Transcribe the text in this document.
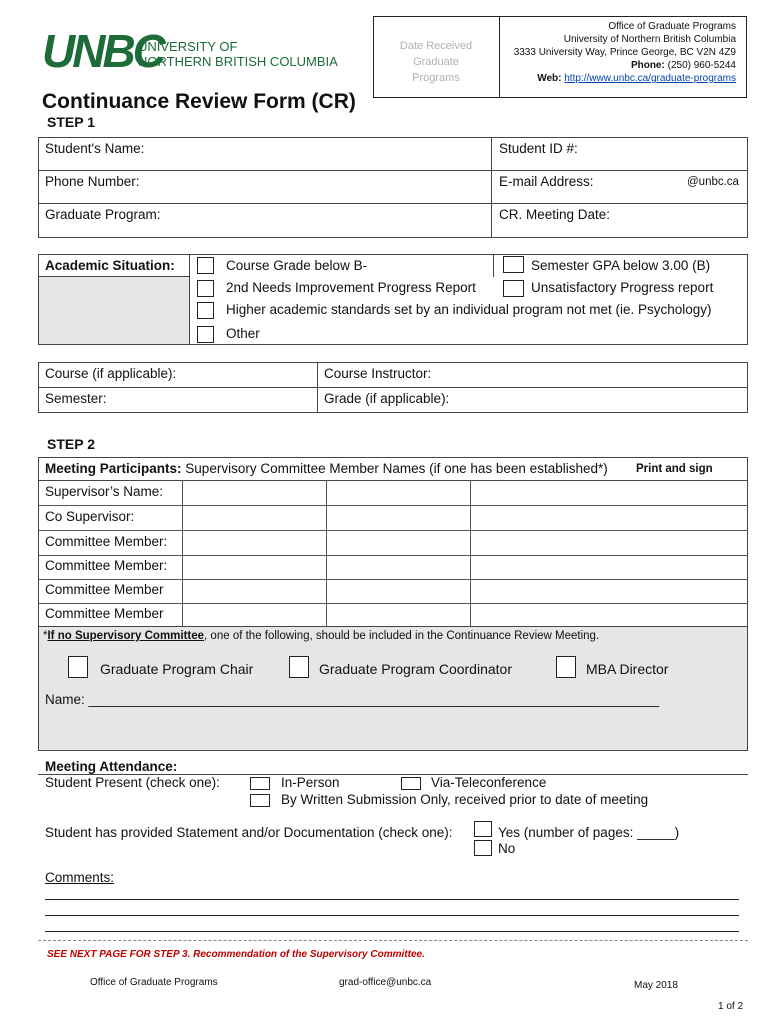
UNBC
UNIVERSITY OF
NORTHERN BRITISH COLUMBIA
Date Received
Graduate
Programs
Office of Graduate Programs
University of Northern British Columbia
3333 University Way, Prince George, BC V2N 4Z9
Phone: (250) 960-5244
Web: http://www.unbc.ca/graduate-programs
Continuance Review Form (CR)
STEP 1
Student's Name:	Student ID #:
Phone Number:	E-mail Address:	@unbc.ca
Graduate Program:	CR. Meeting Date:
Academic Situation:	Course Grade below B-	Semester GPA below 3.00 (B)
2nd Needs Improvement Progress Report	Unsatisfactory Progress report
Higher academic standards set by an individual program not met (ie. Psychology)
Other
Course (if applicable):	Course Instructor:
Semester:	Grade (if applicable):
STEP 2
Meeting Participants: Supervisory Committee Member Names (if one has been established*) Print and sign
Supervisor’s Name:
Co Supervisor:
Committee Member:
Committee Member:
Committee Member
Committee Member
*If no Supervisory Committee, one of the following, should be included in the Continuance Review Meeting.
Graduate Program Chair	Graduate Program Coordinator	MBA Director
Name: ____________________________________________________________________________
Meeting Attendance:
Student Present (check one):	In-Person	Via-Teleconference
By Written Submission Only, received prior to date of meeting
Student has provided Statement and/or Documentation (check one):	Yes (number of pages: _____)
No
Comments:
SEE NEXT PAGE FOR STEP 3. Recommendation of the Supervisory Committee.
Office of Graduate Programs	grad-office@unbc.ca	May 2018
1 of 2
